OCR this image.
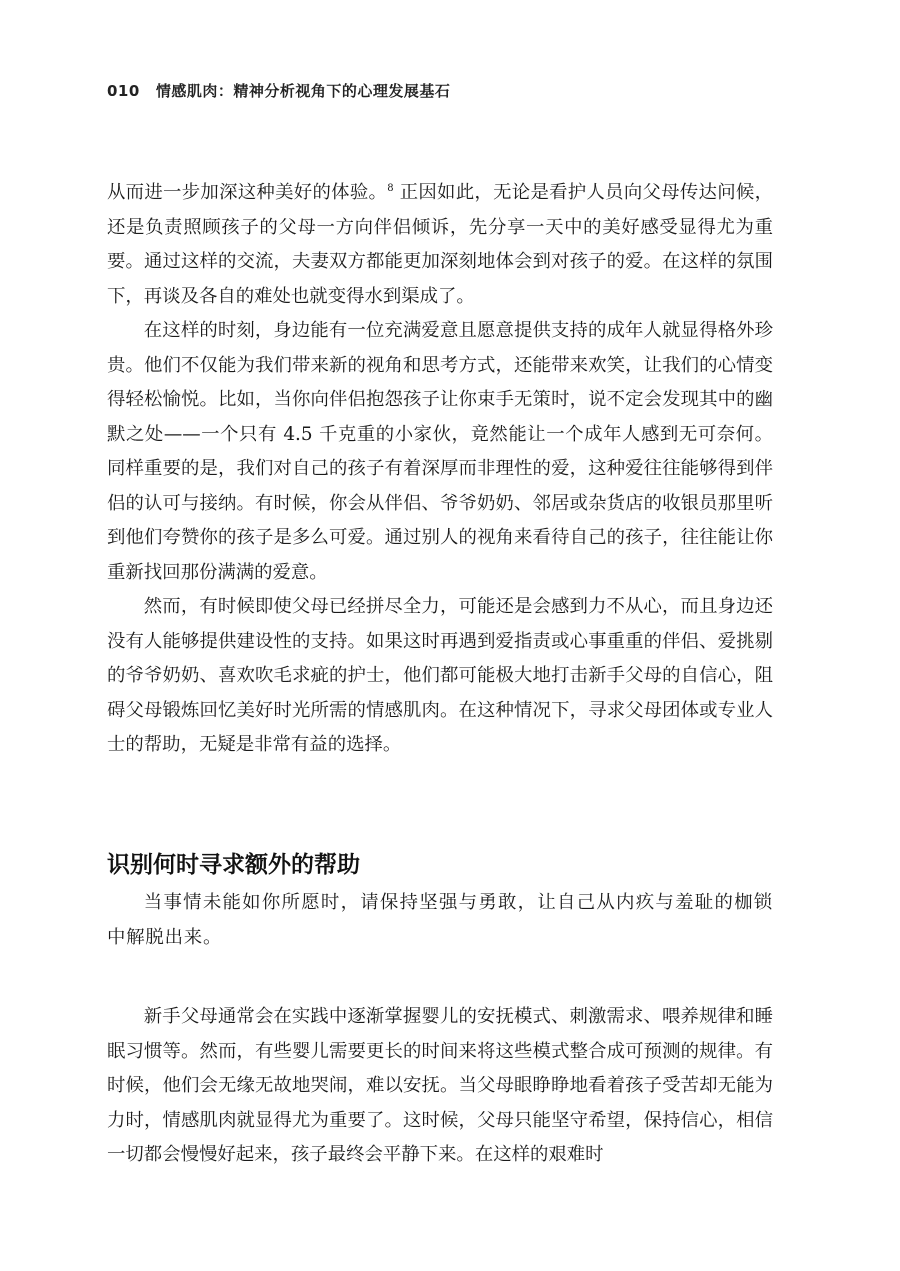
010 情感肌肉：精神分析视角下的心理发展基石

从而进一步加深这种美好的体验。$^8$ 正因如此，无论是看护人员向父母传达问候，还是负责照顾孩子的父母一方向伴侣倾诉，先分享一天中的美好感受显得尤为重要。通过这样的交流，夫妻双方都能更加深刻地体会到对孩子的爱。在这样的氛围下，再谈及各自的难处也就变得水到渠成了。

在这样的时刻，身边能有一位充满爱意且愿意提供支持的成年人就显得格外珍贵。他们不仅能为我们带来新的视角和思考方式，还能带来欢笑，让我们的心情变得轻松愉悦。比如，当你向伴侣抱怨孩子让你束手无策时，说不定会发现其中的幽默之处——一个只有 4.5 千克重的小家伙，竟然能让一个成年人感到无可奈何。同样重要的是，我们对自己的孩子有着深厚而非理性的爱，这种爱往往能够得到伴侣的认可与接纳。有时候，你会从伴侣、爷爷奶奶、邻居或杂货店的收银员那里听到他们夸赞你的孩子是多么可爱。通过别人的视角来看待自己的孩子，往往能让你重新找回那份满满的爱意。

然而，有时候即使父母已经拼尽全力，可能还是会感到力不从心，而且身边还没有人能够提供建设性的支持。如果这时再遇到爱指责或心事重重的伴侣、爱挑剔的爷爷奶奶、喜欢吹毛求疵的护士，他们都可能极大地打击新手父母的自信心，阻碍父母锻炼回忆美好时光所需的情感肌肉。在这种情况下，寻求父母团体或专业人士的帮助，无疑是非常有益的选择。

识别何时寻求额外的帮助

当事情未能如你所愿时，请保持坚强与勇敢，让自己从内疚与羞耻的枷锁中解脱出来。

新手父母通常会在实践中逐渐掌握婴儿的安抚模式、刺激需求、喂养规律和睡眠习惯等。然而，有些婴儿需要更长的时间来将这些模式整合成可预测的规律。有时候，他们会无缘无故地哭闹，难以安抚。当父母眼睁睁地看着孩子受苦却无能为力时，情感肌肉就显得尤为重要了。这时候，父母只能坚守希望，保持信心，相信一切都会慢慢好起来，孩子最终会平静下来。在这样的艰难时
